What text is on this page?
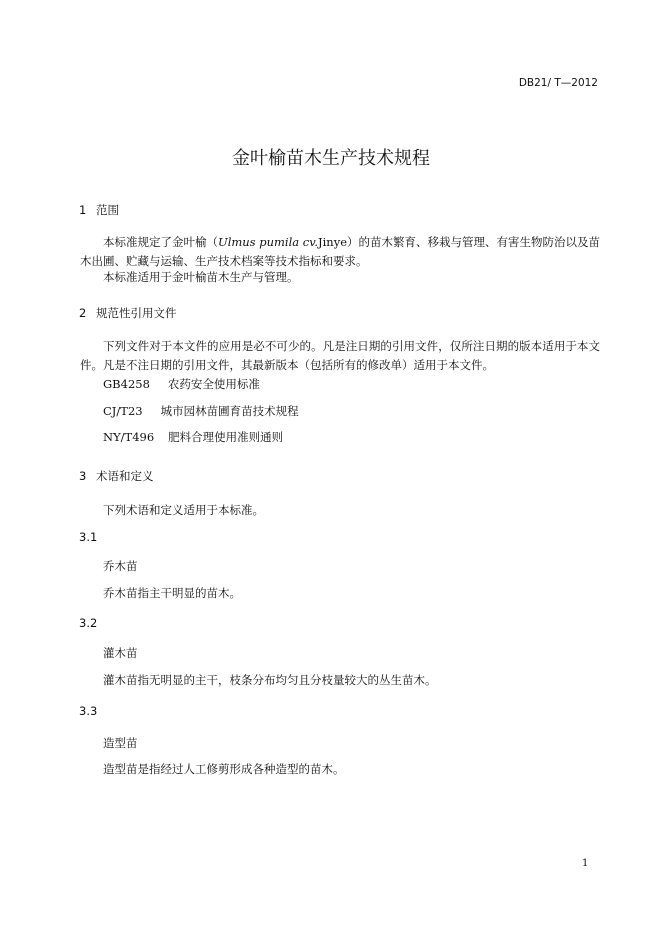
DB21/ T—2012
金叶榆苗木生产技术规程
1 范围
本标准规定了金叶榆（Ulmus pumila cv.Jinye）的苗木繁育、移栽与管理、有害生物防治以及苗木出圃、贮藏与运输、生产技术档案等技术指标和要求。
本标准适用于金叶榆苗木生产与管理。
2 规范性引用文件
下列文件对于本文件的应用是必不可少的。凡是注日期的引用文件，仅所注日期的版本适用于本文件。凡是不注日期的引用文件，其最新版本（包括所有的修改单）适用于本文件。
GB4258 农药安全使用标准
CJ/T23 城市园林苗圃育苗技术规程
NY/T496 肥料合理使用准则通则
3 术语和定义
下列术语和定义适用于本标准。
3.1
乔木苗
乔木苗指主干明显的苗木。
3.2
灌木苗
灌木苗指无明显的主干，枝条分布均匀且分枝量较大的丛生苗木。
3.3
造型苗
造型苗是指经过人工修剪形成各种造型的苗木。
1
